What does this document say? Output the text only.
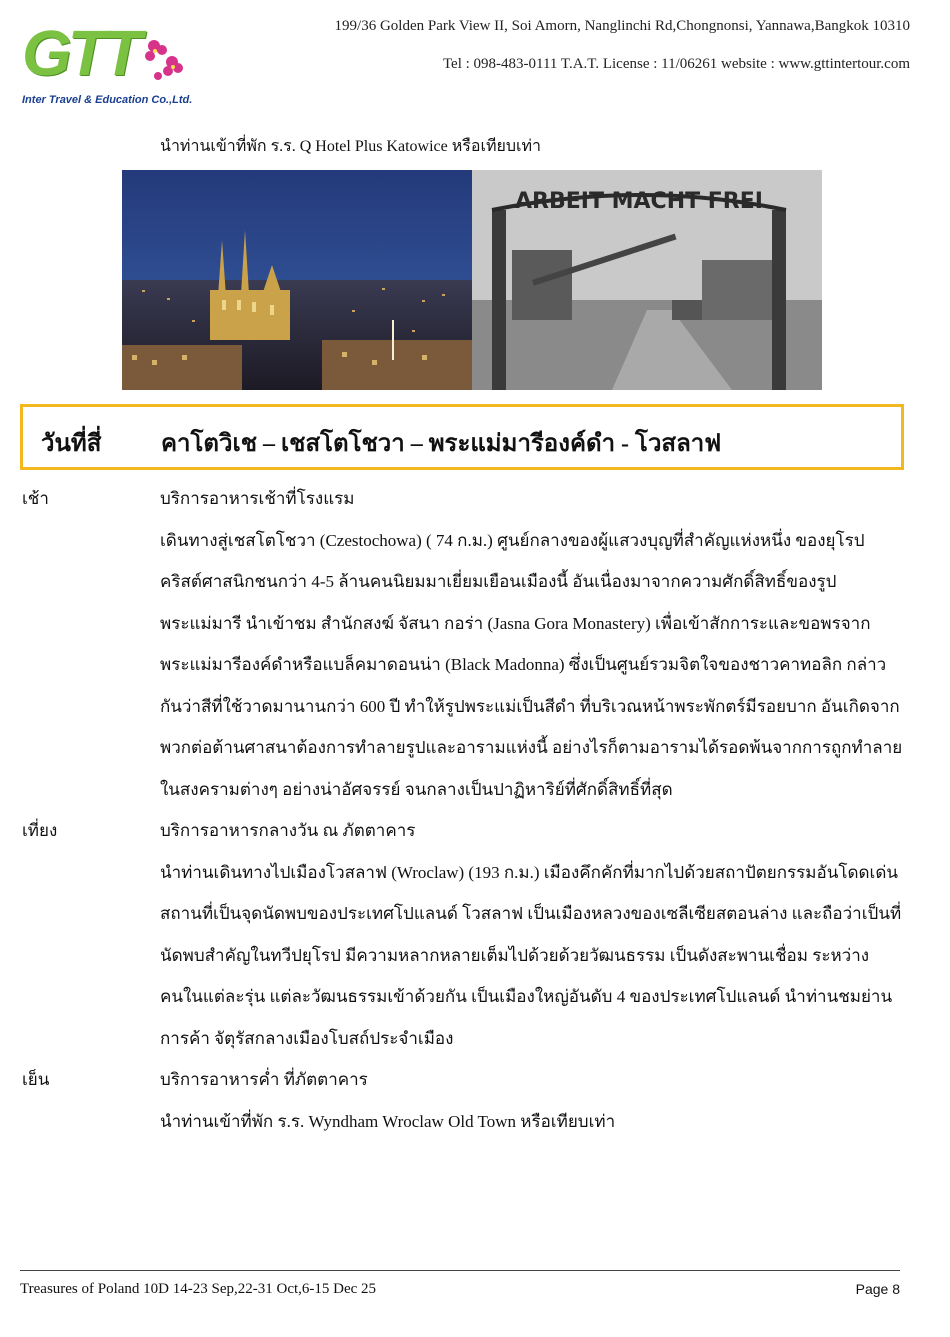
GTT
Inter Travel & Education Co.,Ltd.
199/36 Golden Park View II, Soi Amorn, Nanglinchi Rd,Chongnonsi, Yannawa,Bangkok 10310
Tel : 098-483-0111 T.A.T. License : 11/06261 website : www.gttintertour.com
นำท่านเข้าที่พัก ร.ร. Q Hotel Plus Katowice หรือเทียบเท่า
ARBEIT MACHT FREI
วันที่สี่ คาโตวิเช – เชสโตโชวา – พระแม่มารีองค์ดำ - โวสลาฟ
เช้า	บริการอาหารเช้าที่โรงแรม
เดินทางสู่เชสโตโชวา (Czestochowa) ( 74 ก.ม.) ศูนย์กลางของผู้แสวงบุญที่สำคัญแห่งหนึ่ง ของยุโรป คริสต์ศาสนิกชนกว่า 4-5 ล้านคนนิยมมาเยี่ยมเยือนเมืองนี้ อันเนื่องมาจากความศักดิ์สิทธิ์ของรูปพระแม่มารี นำเข้าชม สำนักสงฆ์ จัสนา กอร่า (Jasna Gora Monastery) เพื่อเข้าสักการะและขอพรจากพระแม่มารีองค์ดำหรือแบล็คมาดอนน่า (Black Madonna) ซึ่งเป็นศูนย์รวมจิตใจของชาวคาทอลิก กล่าวกันว่าสีที่ใช้วาดมานานกว่า 600 ปี ทำให้รูปพระแม่เป็นสีดำ ที่บริเวณหน้าพระพักตร์มีรอยบาก อันเกิดจากพวกต่อต้านศาสนาต้องการทำลายรูปและอารามแห่งนี้ อย่างไรก็ตามอารามได้รอดพ้นจากการถูกทำลายในสงครามต่างๆ อย่างน่าอัศจรรย์ จนกลางเป็นปาฏิหาริย์ที่ศักดิ์สิทธิ์ที่สุด
เที่ยง	บริการอาหารกลางวัน ณ ภัตตาคาร
นำท่านเดินทางไปเมืองโวสลาฟ (Wroclaw) (193 ก.ม.) เมืองคึกคักที่มากไปด้วยสถาปัตยกรรมอันโดดเด่น สถานที่เป็นจุดนัดพบของประเทศโปแลนด์ โวสลาฟ เป็นเมืองหลวงของเซลีเซียสตอนล่าง และถือว่าเป็นที่นัดพบสำคัญในทวีปยุโรป มีความหลากหลายเต็มไปด้วยด้วยวัฒนธรรม เป็นดังสะพานเชื่อม ระหว่างคนในแต่ละรุ่น แต่ละวัฒนธรรมเข้าด้วยกัน เป็นเมืองใหญ่อันดับ 4 ของประเทศโปแลนด์ นำท่านชมย่านการค้า จัตุรัสกลางเมืองโบสถ์ประจำเมือง
เย็น	บริการอาหารค่ำ ที่ภัตตาคาร
นำท่านเข้าที่พัก ร.ร. Wyndham Wroclaw Old Town หรือเทียบเท่า
Treasures of Poland 10D 14-23 Sep,22-31 Oct,6-15 Dec 25	Page 8
